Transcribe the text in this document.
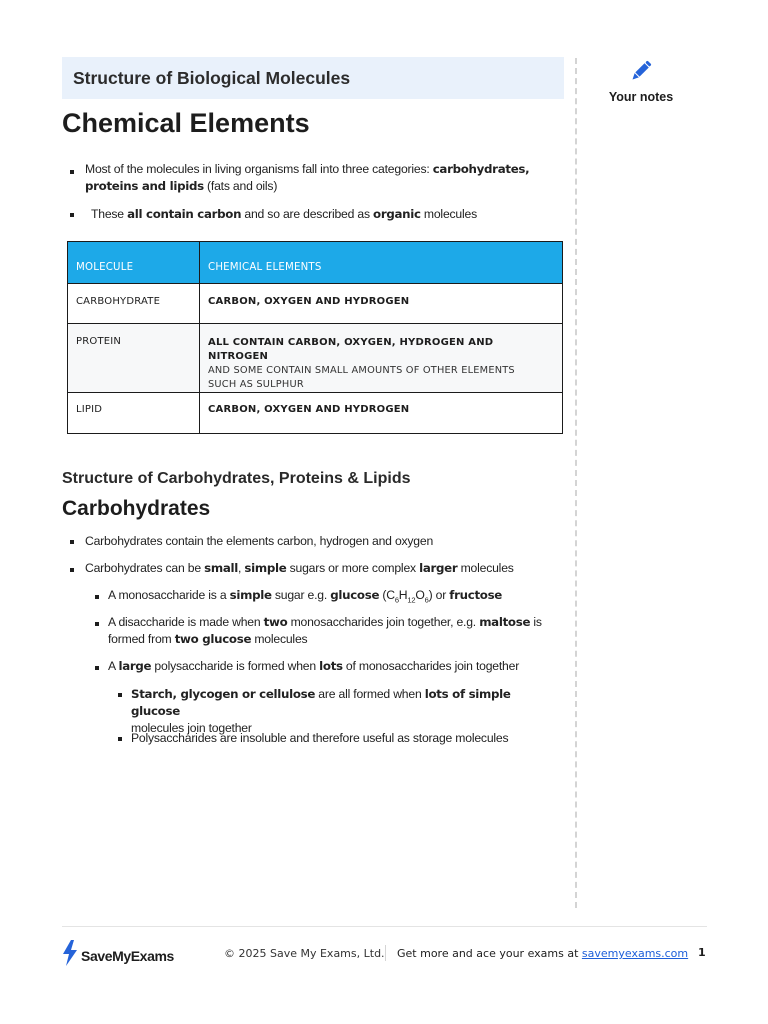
Structure of Biological Molecules
Your notes
Chemical Elements
Most of the molecules in living organisms fall into three categories: carbohydrates,
proteins and lipids (fats and oils)
These all contain carbon and so are described as organic molecules
MOLECULE	CHEMICAL ELEMENTS
CARBOHYDRATE	CARBON, OXYGEN AND HYDROGEN
PROTEIN	ALL CONTAIN CARBON, OXYGEN, HYDROGEN AND NITROGEN
AND SOME CONTAIN SMALL AMOUNTS OF OTHER ELEMENTS
SUCH AS SULPHUR

LIPID	CARBON, OXYGEN AND HYDROGEN
Structure of Carbohydrates, Proteins & Lipids
Carbohydrates
Carbohydrates contain the elements carbon, hydrogen and oxygen
Carbohydrates can be small, simple sugars or more complex larger molecules
A monosaccharide is a simple sugar e.g. glucose $(C_6H_{12}O_6)$ or fructose
A disaccharide is made when two monosaccharides join together, e.g. maltose is
formed from two glucose molecules
A large polysaccharide is formed when lots of monosaccharides join together
Starch, glycogen or cellulose are all formed when lots of simple glucose
molecules join together
Polysaccharides are insoluble and therefore useful as storage molecules
SaveMyExams	© 2025 Save My Exams, Ltd. Get more and ace your exams at savemyexams.com 1
